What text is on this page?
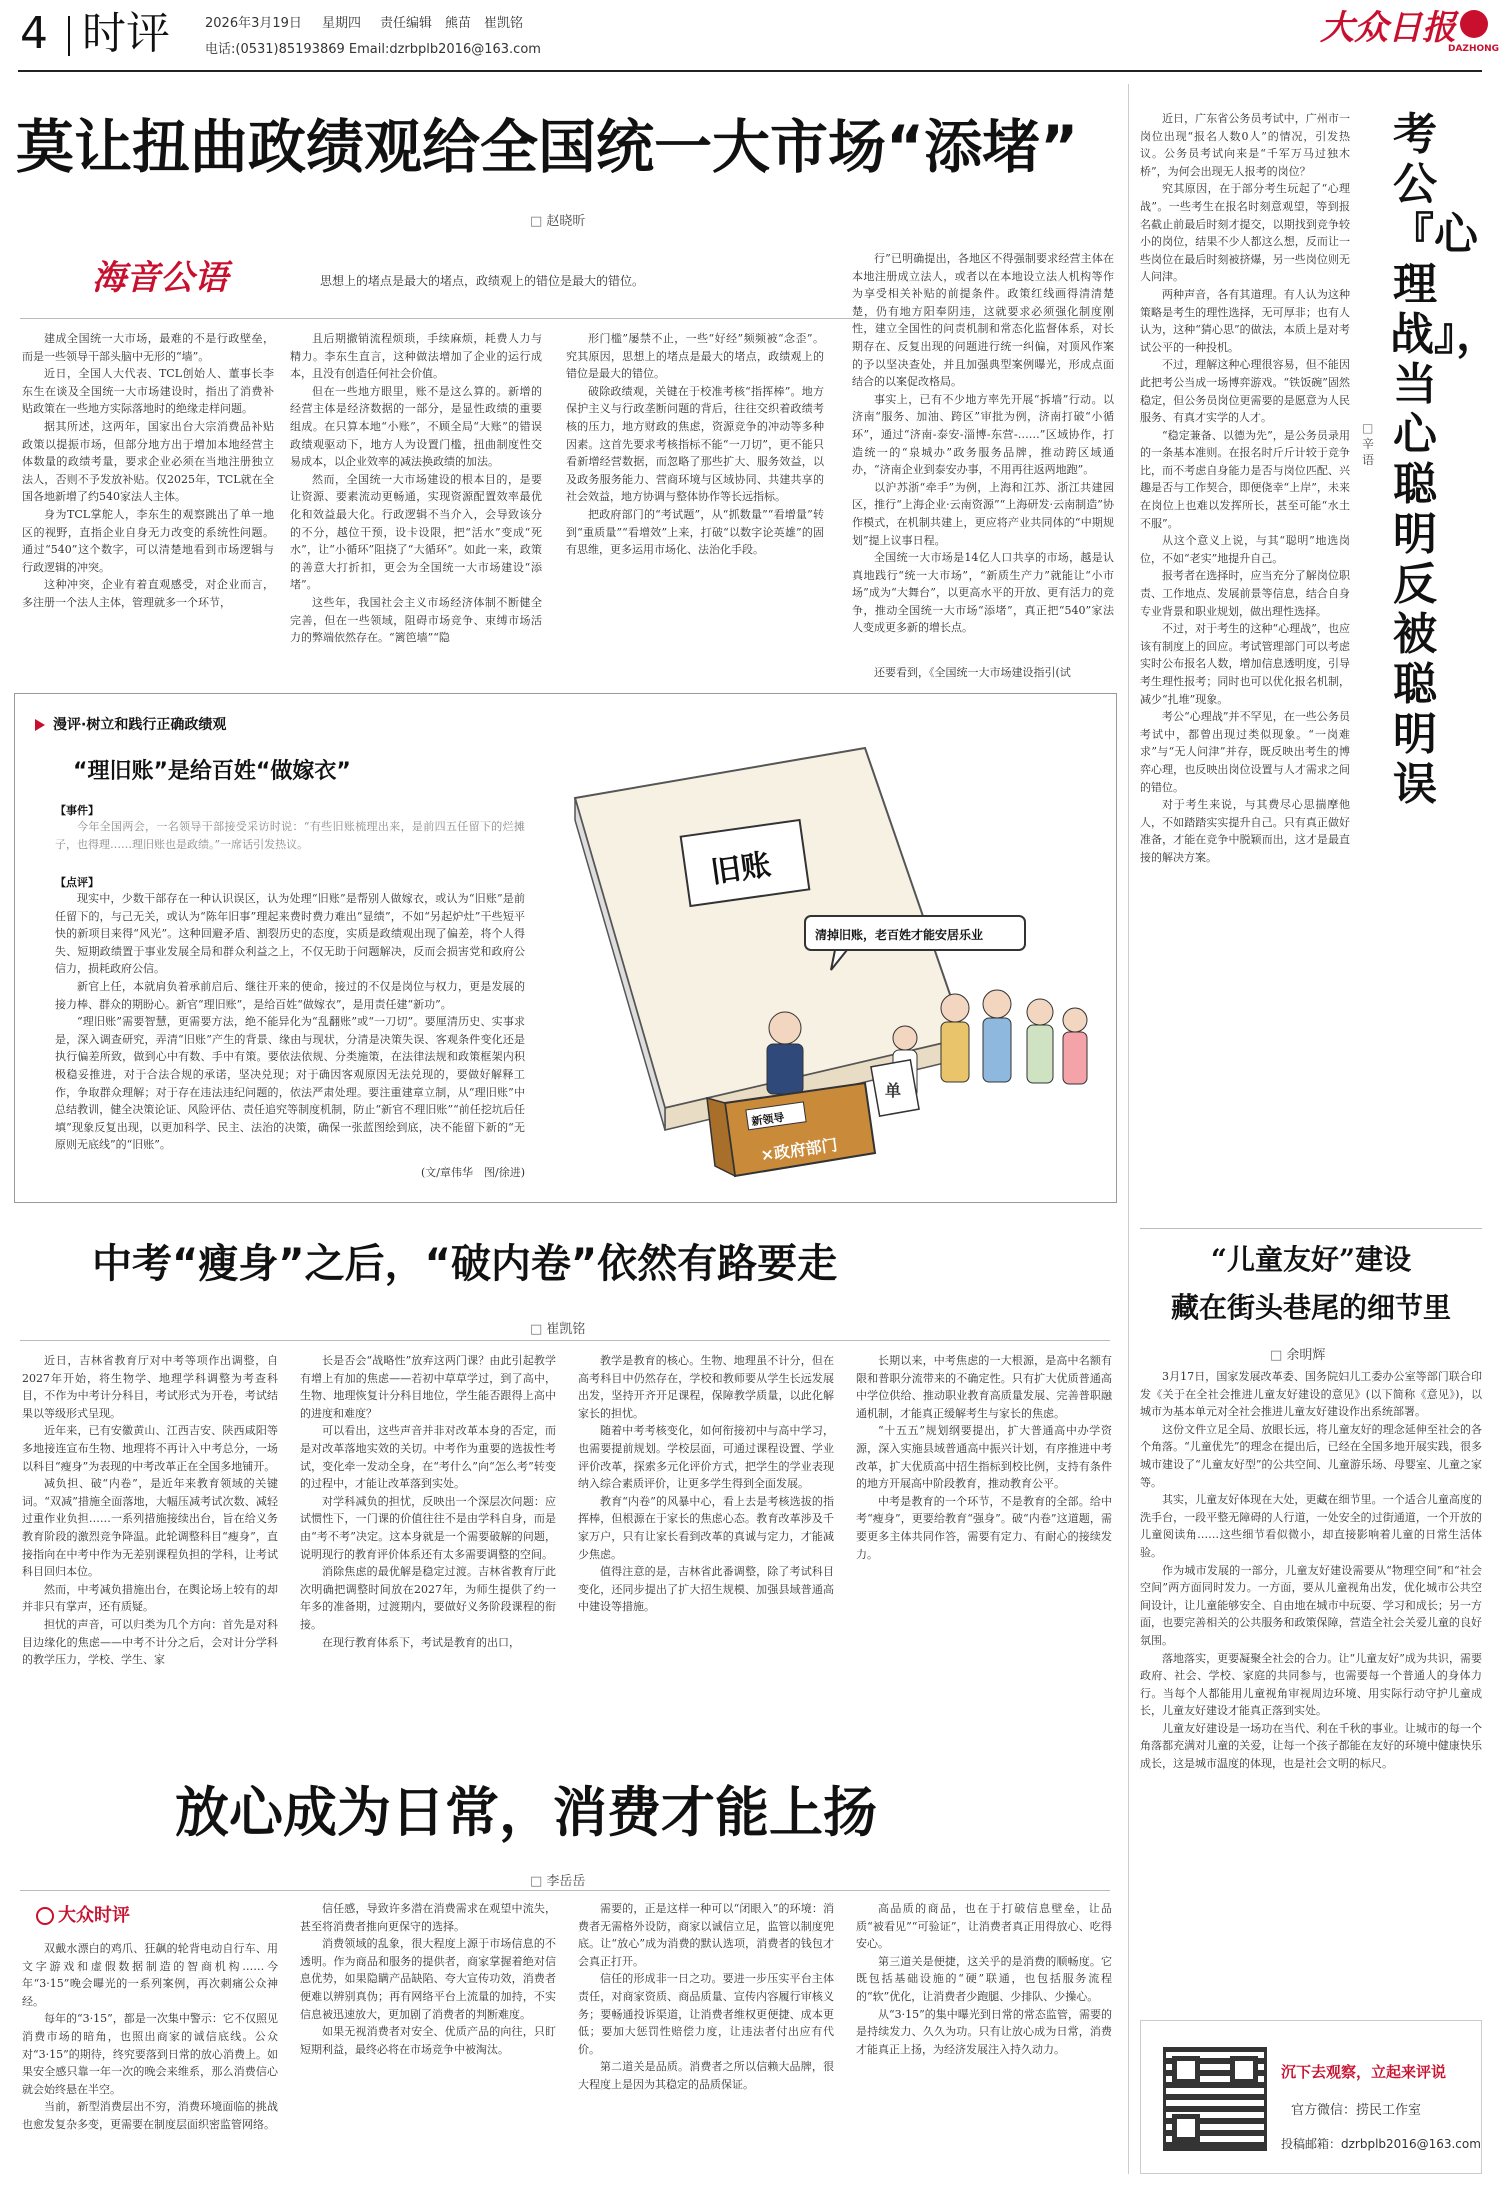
4 时评	2026年3月19日 星期四 责任编辑　熊苗　崔凯铭
电话:(0531)85193869 Email:dzrbplb2016@163.com
大众日报
DAZHONG
莫让扭曲政绩观给全国统一大市场“添堵”
□ 赵晓昕
海音公语	思想上的堵点是最大的堵点，政绩观上的错位是最大的错位。

建成全国统一大市场，最难的不是行政壁垒，而是一些领导干部头脑中无形的“墙”。

近日，全国人大代表、TCL创始人、董事长李东生在谈及全国统一大市场建设时，指出了消费补贴政策在一些地方实际落地时的绝缘走样问题。

据其所述，这两年，国家出台大宗消费品补贴政策以提振市场，但部分地方出于增加本地经营主体数量的政绩考量，要求企业必须在当地注册独立法人，否则不予发放补贴。仅2025年，TCL就在全国各地新增了约540家法人主体。

身为TCL掌舵人，李东生的观察跳出了单一地区的视野，直指企业自身无力改变的系统性问题。通过“540”这个数字，可以清楚地看到市场逻辑与行政逻辑的冲突。

这种冲突，企业有着直观感受，对企业而言，多注册一个法人主体，管理就多一个环节，

且后期撤销流程烦琐，手续麻烦，耗费人力与精力。李东生直言，这种做法增加了企业的运行成本，且没有创造任何社会价值。

但在一些地方眼里，账不是这么算的。新增的经营主体是经济数据的一部分，是显性政绩的重要组成。在只算本地“小账”，不顾全局“大账”的错误政绩观驱动下，地方人为设置门槛，扭曲制度性交易成本，以企业效率的减法换政绩的加法。

然而，全国统一大市场建设的根本目的，是要让资源、要素流动更畅通，实现资源配置效率最优化和效益最大化。行政逻辑不当介入，会导致该分的不分，越位干预，设卡设限，把“活水”变成“死水”，让“小循环”阻挠了“大循环”。如此一来，政策的善意大打折扣，更会为全国统一大市场建设“添堵”。

这些年，我国社会主义市场经济体制不断健全完善，但在一些领域，阻碍市场竞争、束缚市场活力的弊端依然存在。“篱笆墙”“隐

形门槛”屡禁不止，一些“好经”频频被“念歪”。究其原因，思想上的堵点是最大的堵点，政绩观上的错位是最大的错位。

破除政绩观，关键在于校准考核“指挥棒”。地方保护主义与行政垄断问题的背后，往往交织着政绩考核的压力，地方财政的焦虑，资源竞争的冲动等多种因素。这首先要求考核指标不能“一刀切”，更不能只看新增经营数据，而忽略了那些扩大、服务效益，以及政务服务能力、营商环境与区域协同、共建共享的社会效益，地方协调与整体协作等长远指标。

把政府部门的“考试题”，从“抓数量”“看增量”转到“重质量”“看增效”上来，打破“以数字论英雄”的固有思维，更多运用市场化、法治化手段。

行”已明确提出，各地区不得强制要求经营主体在本地注册成立法人，或者以在本地设立法人机构等作为享受相关补贴的前提条件。政策红线画得清清楚楚，仍有地方阳奉阴违，这就要求必须强化制度刚性，建立全国性的问责机制和常态化监督体系，对长期存在、反复出现的问题进行统一纠偏，对顶风作案的予以坚决查处，并且加强典型案例曝光，形成点面结合的以案促改格局。

事实上，已有不少地方率先开展“拆墙”行动。以济南“服务、加油、跨区”审批为例，济南打破“小循环”，通过“济南-泰安-淄博-东营-……”区域协作，打造统一的“泉城办”政务服务品牌，推动跨区域通办，“济南企业到泰安办事，不用再往返两地跑”。

以沪苏浙“牵手”为例，上海和江苏、浙江共建园区，推行“上海企业·云南资源”“上海研发·云南制造”协作模式，在机制共建上，更应将产业共同体的“中期规划”提上议事日程。

全国统一大市场是14亿人口共享的市场，越是认真地践行“统一大市场”，“新质生产力”就能让“小市场”成为“大舞台”，以更高水平的开放、更有活力的竞争，推动全国统一大市场“添堵”，真正把“540”家法人变成更多新的增长点。

还要看到，《全国统一大市场建设指引(试
漫评·树立和践行正确政绩观
“理旧账”是给百姓“做嫁衣”
【事件】
今年全国两会，一名领导干部接受采访时说：“有些旧账梳理出来，是前四五任留下的烂摊子，也得理……理旧账也是政绩。”一席话引发热议。
【点评】

现实中，少数干部存在一种认识误区，认为处理“旧账”是帮别人做嫁衣，或认为“旧账”是前任留下的，与己无关，或认为“陈年旧事”理起来费时费力难出“显绩”，不如“另起炉灶”干些短平快的新项目来得“风光”。这种回避矛盾、割裂历史的态度，实质是政绩观出现了偏差，将个人得失、短期政绩置于事业发展全局和群众利益之上，不仅无助于问题解决，反而会损害党和政府公信力，损耗政府公信。

新官上任，本就肩负着承前启后、继往开来的使命，接过的不仅是岗位与权力，更是发展的接力棒、群众的期盼心。新官“理旧账”，是给百姓“做嫁衣”，是用责任建“新功”。

“理旧账”需要智慧，更需要方法，绝不能异化为“乱翻账”或“一刀切”。要厘清历史、实事求是，深入调查研究，弄清“旧账”产生的背景、缘由与现状，分清是决策失误、客观条件变化还是执行偏差所致，做到心中有数、手中有策。要依法依规、分类施策，在法律法规和政策框架内积极稳妥推进，对于合法合规的承诺，坚决兑现；对于确因客观原因无法兑现的，要做好解释工作，争取群众理解；对于存在违法违纪问题的，依法严肃处理。要注重建章立制，从“理旧账”中总结教训，健全决策论证、风险评估、责任追究等制度机制，防止“新官不理旧账”“前任挖坑后任填”现象反复出现，以更加科学、民主、法治的决策，确保一张蓝图绘到底，决不能留下新的“无原则无底线”的“旧账”。

(文/章伟华　图/徐进)
旧账
清掉旧账，老百姓才能安居乐业
单
新领导
×政府部门
中考“瘦身”之后，“破内卷”依然有路要走
□ 崔凯铭

近日，吉林省教育厅对中考等项作出调整，自2027年开始，将生物学、地理学科调整为考查科目，不作为中考计分科目，考试形式为开卷，考试结果以等级形式呈现。

近年来，已有安徽黄山、江西吉安、陕西咸阳等多地接连宣布生物、地理将不再计入中考总分，一场以科目“瘦身”为表现的中考改革正在全国多地铺开。

减负担、破“内卷”，是近年来教育领域的关键词。“双减”措施全面落地，大幅压减考试次数、减轻过重作业负担……一系列措施接续出台，旨在给义务教育阶段的激烈竞争降温。此轮调整科目“瘦身”，直接指向在中考中作为无差别课程负担的学科，让考试科目回归本位。

然而，中考减负措施出台，在舆论场上较有的却并非只有掌声，还有质疑。

担忧的声音，可以归类为几个方向：首先是对科目边缘化的焦虑——中考不计分之后，会对计分学科的教学压力，学校、学生、家

长是否会“战略性”放弃这两门课？由此引起教学有增上有加的焦虑——若初中草草学过，到了高中，生物、地理恢复计分科目地位，学生能否跟得上高中的进度和难度？

可以看出，这些声音并非对改革本身的否定，而是对改革落地实效的关切。中考作为重要的选拔性考试，变化牵一发动全身，在“考什么”向“怎么考”转变的过程中，才能让改革落到实处。

对学科减负的担忧，反映出一个深层次问题：应试惯性下，一门课的价值往往不是由学科自身，而是由“考不考”决定。这本身就是一个需要破解的问题，说明现行的教育评价体系还有太多需要调整的空间。

消除焦虑的最优解是稳定过渡。吉林省教育厅此次明确把调整时间放在2027年，为师生提供了约一年多的准备期，过渡期内，要做好义务阶段课程的衔接。

在现行教育体系下，考试是教育的出口，

教学是教育的核心。生物、地理虽不计分，但在高考科目中仍然存在，学校和教师要从学生长远发展出发，坚持开齐开足课程，保障教学质量，以此化解家长的担忧。

随着中考考核变化，如何衔接初中与高中学习，也需要提前规划。学校层面，可通过课程设置、学业评价改革，探索多元化评价方式，把学生的学业表现纳入综合素质评价，让更多学生得到全面发展。

教育“内卷”的风暴中心，看上去是考核选拔的指挥棒，但根源在于家长的焦虑心态。教育改革涉及千家万户，只有让家长看到改革的真诚与定力，才能减少焦虑。

值得注意的是，吉林省此番调整，除了考试科目变化，还同步提出了扩大招生规模、加强县域普通高中建设等措施。

长期以来，中考焦虑的一大根源，是高中名额有限和普职分流带来的不确定性。只有扩大优质普通高中学位供给、推动职业教育高质量发展、完善普职融通机制，才能真正缓解考生与家长的焦虑。

“十五五”规划纲要提出，扩大普通高中办学资源，深入实施县域普通高中振兴计划，有序推进中考改革，扩大优质高中招生指标到校比例，支持有条件的地方开展高中阶段教育，推动教育公平。

中考是教育的一个环节，不是教育的全部。给中考“瘦身”，更要给教育“强身”。破“内卷”这道题，需要更多主体共同作答，需要有定力、有耐心的接续发力。

放心成为日常，消费才能上扬
□ 李岳岳
大众时评

双戴水漂白的鸡爪、狂飙的轮背电动自行车、用文字游戏和虚假数据制造的智商机构……今年“3·15”晚会曝光的一系列案例，再次刺痛公众神经。

每年的“3·15”，都是一次集中警示：它不仅照见消费市场的暗角，也照出商家的诚信底线。公众对“3·15”的期待，终究要落到日常的放心消费上。如果安全感只靠一年一次的晚会来维系，那么消费信心就会始终悬在半空。

当前，新型消费层出不穷，消费环境面临的挑战也愈发复杂多变，更需要在制度层面织密监管网络。

信任感，导致许多潜在消费需求在观望中流失，甚至将消费者推向更保守的选择。

消费领域的乱象，很大程度上源于市场信息的不透明。作为商品和服务的提供者，商家掌握着绝对信息优势，如果隐瞒产品缺陷、夸大宣传功效，消费者便难以辨别真伪；再有网络平台上流量的加持，不实信息被迅速放大，更加剧了消费者的判断难度。

如果无视消费者对安全、优质产品的向往，只盯短期利益，最终必将在市场竞争中被淘汰。

需要的，正是这样一种可以“闭眼入”的环境：消费者无需格外设防，商家以诚信立足，监管以制度兜底。让“放心”成为消费的默认选项，消费者的钱包才会真正打开。

信任的形成非一日之功。要进一步压实平台主体责任，对商家资质、商品质量、宣传内容履行审核义务；要畅通投诉渠道，让消费者维权更便捷、成本更低；要加大惩罚性赔偿力度，让违法者付出应有代价。

第二道关是品质。消费者之所以信赖大品牌，很大程度上是因为其稳定的品质保证。

高品质的商品，也在于打破信息壁垒，让品质“被看见”“可验证”，让消费者真正用得放心、吃得安心。

第三道关是便捷，这关乎的是消费的顺畅度。它既包括基础设施的“硬”联通，也包括服务流程的“软”优化，让消费者少跑腿、少排队、少操心。

从“3·15”的集中曝光到日常的常态监管，需要的是持续发力、久久为功。只有让放心成为日常，消费才能真正上扬，为经济发展注入持久动力。

近日，广东省公务员考试中，广州市一岗位出现“报名人数0人”的情况，引发热议。公务员考试向来是“千军万马过独木桥”，为何会出现无人报考的岗位？

究其原因，在于部分考生玩起了“心理战”。一些考生在报名时刻意观望，等到报名截止前最后时刻才提交，以期找到竞争较小的岗位，结果不少人都这么想，反而让一些岗位在最后时刻被挤爆，另一些岗位则无人问津。

两种声音，各有其道理。有人认为这种策略是考生的理性选择，无可厚非；也有人认为，这种“猜心思”的做法，本质上是对考试公平的一种投机。

不过，理解这种心理很容易，但不能因此把考公当成一场博弈游戏。“铁饭碗”固然稳定，但公务员岗位更需要的是愿意为人民服务、有真才实学的人才。

“稳定兼备、以德为先”，是公务员录用的一条基本准则。在报名时斤斤计较于竞争比，而不考虑自身能力是否与岗位匹配、兴趣是否与工作契合，即便侥幸“上岸”，未来在岗位上也难以发挥所长，甚至可能“水土不服”。

从这个意义上说，与其“聪明”地选岗位，不如“老实”地提升自己。

报考者在选择时，应当充分了解岗位职责、工作地点、发展前景等信息，结合自身专业背景和职业规划，做出理性选择。

不过，对于考生的这种“心理战”，也应该有制度上的回应。考试管理部门可以考虑实时公布报名人数，增加信息透明度，引导考生理性报考；同时也可以优化报名机制，减少“扎堆”现象。

考公“心理战”并不罕见，在一些公务员考试中，都曾出现过类似现象。“一岗难求”与“无人问津”并存，既反映出考生的博弈心理，也反映出岗位设置与人才需求之间的错位。

对于考生来说，与其费尽心思揣摩他人，不如踏踏实实提升自己。只有真正做好准备，才能在竞争中脱颖而出，这才是最直接的解决方案。

考公『心理战』，当心聪明反被聪明误
□ 辛语
“儿童友好”建设
藏在街头巷尾的细节里
□ 余明辉

3月17日，国家发展改革委、国务院妇儿工委办公室等部门联合印发《关于在全社会推进儿童友好建设的意见》(以下简称《意见》)，以城市为基本单元对全社会推进儿童友好建设作出系统部署。

这份文件立足全局、放眼长远，将儿童友好的理念延伸至社会的各个角落。“儿童优先”的理念在提出后，已经在全国多地开展实践，很多城市建设了“儿童友好型”的公共空间、儿童游乐场、母婴室、儿童之家等。

其实，儿童友好体现在大处，更藏在细节里。一个适合儿童高度的洗手台，一段平整无障碍的人行道，一处安全的过街通道，一个开放的儿童阅读角……这些细节看似微小，却直接影响着儿童的日常生活体验。

作为城市发展的一部分，儿童友好建设需要从“物理空间”和“社会空间”两方面同时发力。一方面，要从儿童视角出发，优化城市公共空间设计，让儿童能够安全、自由地在城市中玩耍、学习和成长；另一方面，也要完善相关的公共服务和政策保障，营造全社会关爱儿童的良好氛围。

落地落实，更要凝聚全社会的合力。让“儿童友好”成为共识，需要政府、社会、学校、家庭的共同参与，也需要每一个普通人的身体力行。当每个人都能用儿童视角审视周边环境、用实际行动守护儿童成长，儿童友好建设才能真正落到实处。

儿童友好建设是一场功在当代、利在千秋的事业。让城市的每一个角落都充满对儿童的关爱，让每一个孩子都能在友好的环境中健康快乐成长，这是城市温度的体现，也是社会文明的标尺。

沉下去观察，立起来评说
官方微信：捞民工作室
投稿邮箱：dzrbplb2016@163.com
